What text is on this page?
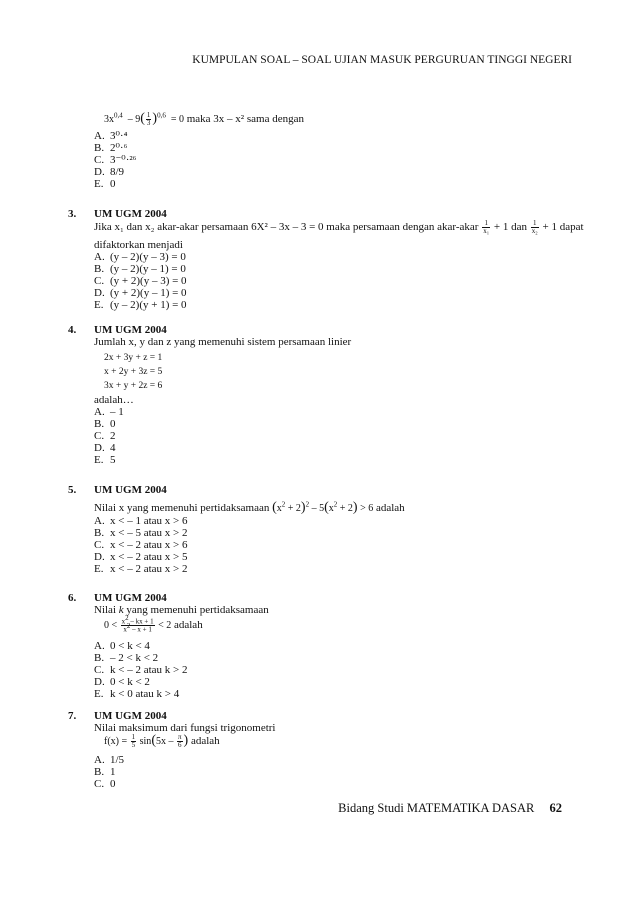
KUMPULAN SOAL – SOAL UJIAN MASUK PERGURUAN TINGGI NEGERI
$3x^{0,4} - 9( \frac{1}{3} )^{0,6} = 0$ maka 3x – x² sama dengan
A. 3⁰·⁴
B. 2⁰·⁶
C. 3⁻⁰·²⁶
D. 8/9
E. 0
3.	UM UGM 2004
Jika x₁ dan x₂ akar-akar persamaan 6X² – 3x – 3 = 0 maka persamaan dengan akar-akar $\frac{1}{\text{x₁}} + 1$ dan $\frac{1}{\text{x₂}} + 1$ dapat
difaktorkan menjadi
A. (y – 2)(y – 3) = 0
B. (y – 2)(y – 1) = 0
C. (y + 2)(y – 3) = 0
D. (y + 2)(y – 1) = 0
E. (y – 2)(y + 1) = 0
4.	UM UGM 2004
Jumlah x, y dan z yang memenuhi sistem persamaan linier
2x + 3y + z = 1
x + 2y + 3z = 5
3x + y + 2z = 6
adalah…
A. – 1
B. 0
C. 2
D. 4
E. 5
5.	UM UGM 2004
Nilai x yang memenuhi pertidaksamaan $(x^2 + 2)^2 - 5(x^2 + 2) > 6$ adalah
A. x < – 1 atau x > 6
B. x < – 5 atau x > 2
C. x < – 2 atau x > 6
D. x < – 2 atau x > 5
E. x < – 2 atau x > 2
6.	UM UGM 2004
Nilai k yang memenuhi pertidaksamaan
$0 < \frac{x^2 - kx + 1}{x^2 - x + 1} < 2$ adalah
A. 0 < k < 4
B. – 2 < k < 2
C. k < – 2 atau k > 2
D. 0 < k < 2
E. k < 0 atau k > 4
7.	UM UGM 2004
Nilai maksimum dari fungsi trigonometri
$f(x) = \frac{1}{5} \sin(5x - \frac{\pi}{6}$ ) adalah
A. 1/5
B. 1
C. 0
Bidang Studi MATEMATIKA DASAR 62
